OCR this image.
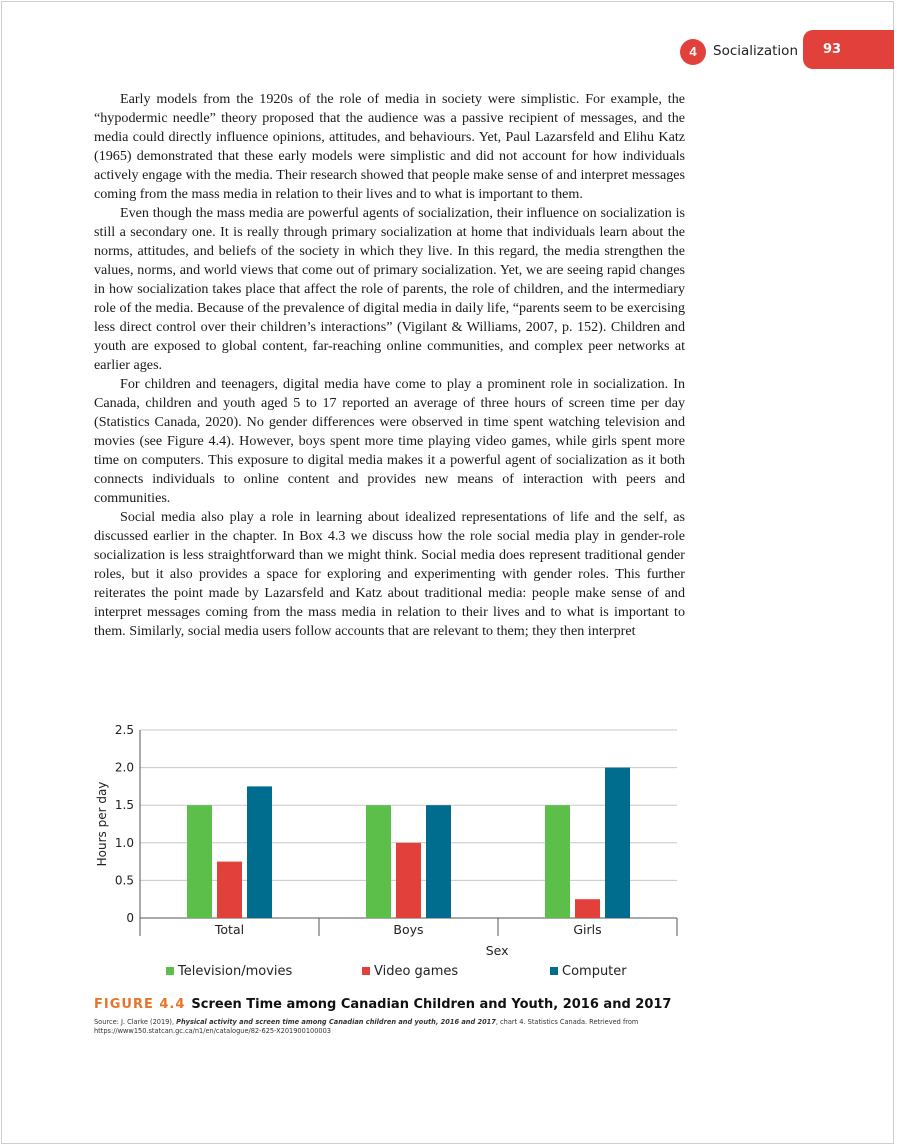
4	Socialization 93

Early models from the 1920s of the role of media in society were simplistic. For example, the “hypodermic needle” theory proposed that the audience was a passive recipient of messages, and the media could directly influence opinions, attitudes, and behaviours. Yet, Paul Lazarsfeld and Elihu Katz (1965) demonstrated that these early models were simplistic and did not account for how individuals actively engage with the media. Their research showed that people make sense of and interpret messages coming from the mass media in relation to their lives and to what is important to them.

Even though the mass media are powerful agents of socialization, their influence on socialization is still a secondary one. It is really through primary socialization at home that individuals learn about the norms, attitudes, and beliefs of the society in which they live. In this regard, the media strengthen the values, norms, and world views that come out of primary socialization. Yet, we are seeing rapid changes in how socialization takes place that affect the role of parents, the role of children, and the intermediary role of the media. Because of the prevalence of digital media in daily life, “parents seem to be exercising less direct control over their children’s interactions” (Vigilant & Williams, 2007, p. 152). Children and youth are exposed to global content, far-reaching online communities, and complex peer networks at earlier ages.

For children and teenagers, digital media have come to play a prominent role in socialization. In Canada, children and youth aged 5 to 17 reported an average of three hours of screen time per day (Statistics Canada, 2020). No gender differences were observed in time spent watching television and movies (see Figure 4.4). However, boys spent more time playing video games, while girls spent more time on computers. This exposure to digital media makes it a powerful agent of socialization as it both connects individuals to online content and provides new means of interaction with peers and communities.

Social media also play a role in learning about idealized representations of life and the self, as discussed earlier in the chapter. In Box 4.3 we discuss how the role social media play in gender-role socialization is less straightforward than we might think. Social media does represent traditional gender roles, but it also provides a space for exploring and experimenting with gender roles. This further reiterates the point made by Lazarsfeld and Katz about traditional media: people make sense of and interpret messages coming from the mass media in relation to their lives and to what is important to them. Similarly, social media users follow accounts that are relevant to them; they then interpret

0
0.5
1.0
1.5
2.0
2.5
Hours per day
Total	Boys	Girls
Sex
Television/movies	Video games	Computer
FIGURE 4.4 Screen Time among Canadian Children and Youth, 2016 and 2017
Source: J. Clarke (2019), Physical activity and screen time among Canadian children and youth, 2016 and 2017, chart 4. Statistics Canada. Retrieved from https://www150.statcan.gc.ca/n1/en/catalogue/82-625-X201900100003
